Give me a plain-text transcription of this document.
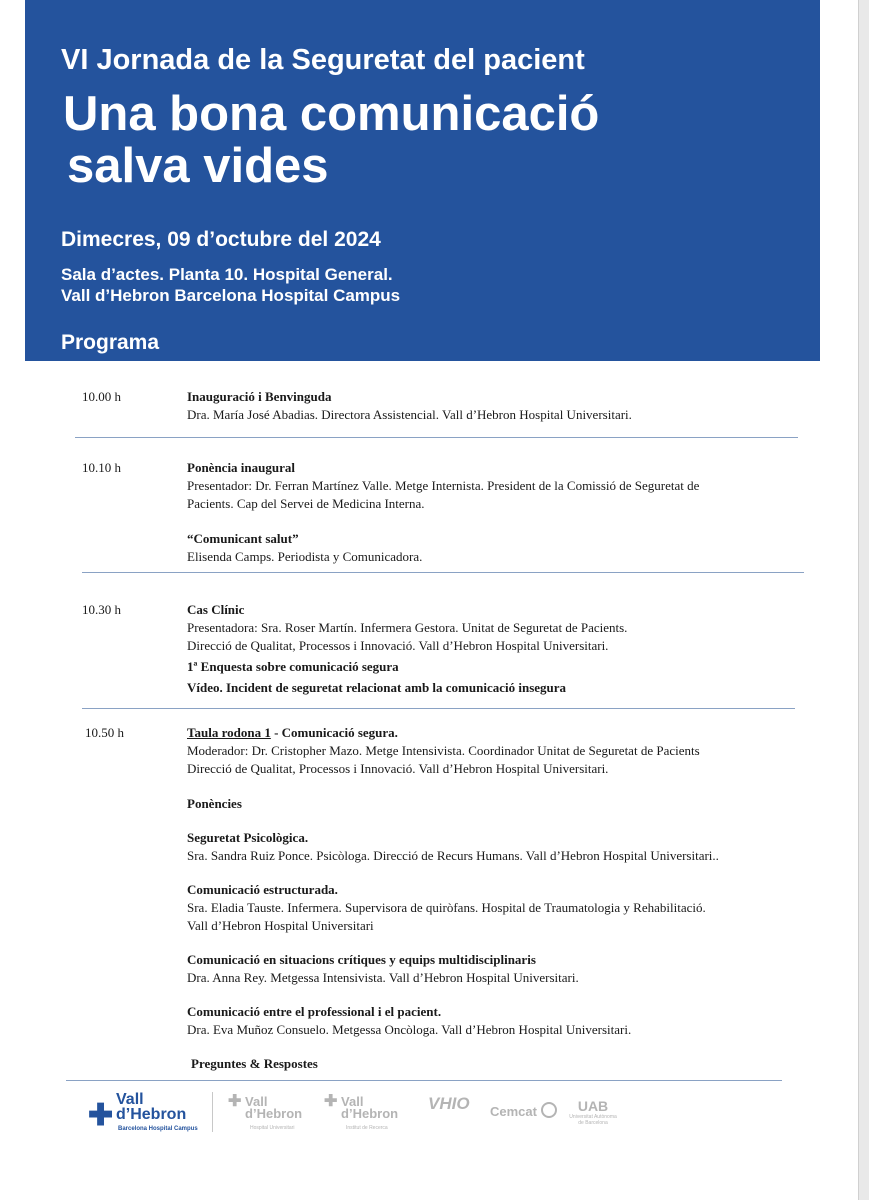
VI Jornada de la Seguretat del pacient
Una bona comunicació
salva vides
Dimecres, 09 d’octubre del 2024
Sala d’actes. Planta 10. Hospital General.
Vall d’Hebron Barcelona Hospital Campus
Programa
10.00 h	Inauguració i Benvinguda
Dra. María José Abadias. Directora Assistencial. Vall d’Hebron Hospital Universitari.
10.10 h	Ponència inaugural
Presentador: Dr. Ferran Martínez Valle. Metge Internista. President de la Comissió de Seguretat de
Pacients. Cap del Servei de Medicina Interna.
“Comunicant salut”
Elisenda Camps. Periodista y Comunicadora.
10.30 h	Cas Clínic
Presentadora: Sra. Roser Martín. Infermera Gestora. Unitat de Seguretat de Pacients.
Direcció de Qualitat, Processos i Innovació. Vall d’Hebron Hospital Universitari.
1ª Enquesta sobre comunicació segura
Vídeo. Incident de seguretat relacionat amb la comunicació insegura
10.50 h	Taula rodona 1 - Comunicació segura.
Moderador: Dr. Cristopher Mazo. Metge Intensivista. Coordinador Unitat de Seguretat de Pacients
Direcció de Qualitat, Processos i Innovació. Vall d’Hebron Hospital Universitari.
Ponències
Seguretat Psicològica.
Sra. Sandra Ruiz Ponce. Psicòloga. Direcció de Recurs Humans. Vall d’Hebron Hospital Universitari..
Comunicació estructurada.
Sra. Eladia Tauste. Infermera. Supervisora de quiròfans. Hospital de Traumatologia y Rehabilitació.
Vall d’Hebron Hospital Universitari
Comunicació en situacions crítiques y equips multidisciplinaris
Dra. Anna Rey. Metgessa Intensivista. Vall d’Hebron Hospital Universitari.
Comunicació entre el professional i el pacient.
Dra. Eva Muñoz Consuelo. Metgessa Oncòloga. Vall d’Hebron Hospital Universitari.
Preguntes & Respostes
✚ Vall d’Hebron
Barcelona Hospital Campus
✚ Vall d’Hebron
Hospital Universitari
✚ Vall d’Hebron
Institut de Recerca
VHIO Cemcat	UAB
Universitat Autònoma de Barcelona
